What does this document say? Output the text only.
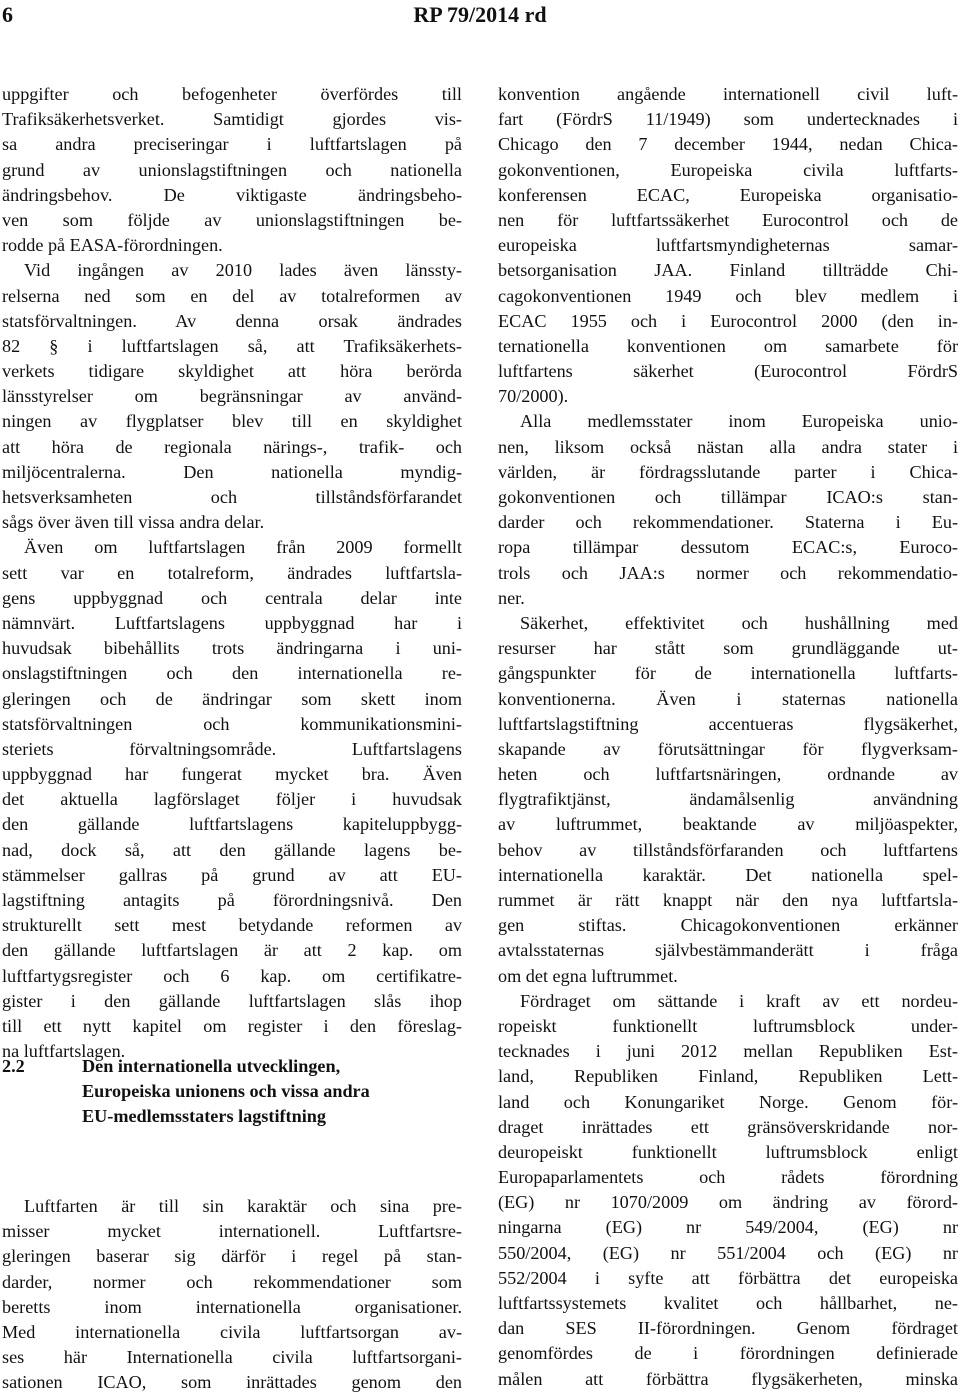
RP 79/2014 rd
6
uppgifter och befogenheter överfördes till
Trafiksäkerhetsverket. Samtidigt gjordes vis-
sa andra preciseringar i luftfartslagen på
grund av unionslagstiftningen och nationella
ändringsbehov. De viktigaste ändringsbeho-
ven som följde av unionslagstiftningen be-
rodde på EASA-förordningen.
Vid ingången av 2010 lades även länssty-
relserna ned som en del av totalreformen av
statsförvaltningen. Av denna orsak ändrades
82 § i luftfartslagen så, att Trafiksäkerhets-
verkets tidigare skyldighet att höra berörda
länsstyrelser om begränsningar av använd-
ningen av flygplatser blev till en skyldighet
att höra de regionala närings-, trafik- och
miljöcentralerna. Den nationella myndig-
hetsverksamheten och tillståndsförfarandet
sågs över även till vissa andra delar.
Även om luftfartslagen från 2009 formellt
sett var en totalreform, ändrades luftfartsla-
gens uppbyggnad och centrala delar inte
nämnvärt. Luftfartslagens uppbyggnad har i
huvudsak bibehållits trots ändringarna i uni-
onslagstiftningen och den internationella re-
gleringen och de ändringar som skett inom
statsförvaltningen och kommunikationsmini-
steriets förvaltningsområde. Luftfartslagens
uppbyggnad har fungerat mycket bra. Även
det aktuella lagförslaget följer i huvudsak
den gällande luftfartslagens kapiteluppbygg-
nad, dock så, att den gällande lagens be-
stämmelser gallras på grund av att EU-
lagstiftning antagits på förordningsnivå. Den
strukturellt sett mest betydande reformen av
den gällande luftfartslagen är att 2 kap. om
luftfartygsregister och 6 kap. om certifikatre-
gister i den gällande luftfartslagen slås ihop
till ett nytt kapitel om register i den föreslag-
na luftfartslagen.
2.2	Den internationella utvecklingen,
Europeiska unionens och vissa andra
EU-medlemsstaters lagstiftning
Luftfarten är till sin karaktär och sina pre-
misser mycket internationell. Luftfartsre-
gleringen baserar sig därför i regel på stan-
darder, normer och rekommendationer som
beretts inom internationella organisationer.
Med internationella civila luftfartsorgan av-
ses här Internationella civila luftfartsorgani-
sationen ICAO, som inrättades genom den
konvention angående internationell civil luft-
fart (FördrS 11/1949) som undertecknades i
Chicago den 7 december 1944, nedan Chica-
gokonventionen, Europeiska civila luftfarts-
konferensen ECAC, Europeiska organisatio-
nen för luftfartssäkerhet Eurocontrol och de
europeiska luftfartsmyndigheternas samar-
betsorganisation JAA. Finland tillträdde Chi-
cagokonventionen 1949 och blev medlem i
ECAC 1955 och i Eurocontrol 2000 (den in-
ternationella konventionen om samarbete för
luftfartens säkerhet (Eurocontrol FördrS
70/2000).
Alla medlemsstater inom Europeiska unio-
nen, liksom också nästan alla andra stater i
världen, är fördragsslutande parter i Chica-
gokonventionen och tillämpar ICAO:s stan-
darder och rekommendationer. Staterna i Eu-
ropa tillämpar dessutom ECAC:s, Euroco-
trols och JAA:s normer och rekommendatio-
ner.
Säkerhet, effektivitet och hushållning med
resurser har stått som grundläggande ut-
gångspunkter för de internationella luftfarts-
konventionerna. Även i staternas nationella
luftfartslagstiftning accentueras flygsäkerhet,
skapande av förutsättningar för flygverksam-
heten och luftfartsnäringen, ordnande av
flygtrafiktjänst, ändamålsenlig användning
av luftrummet, beaktande av miljöaspekter,
behov av tillståndsförfaranden och luftfartens
internationella karaktär. Det nationella spel-
rummet är rätt knappt när den nya luftfartsla-
gen stiftas. Chicagokonventionen erkänner
avtalsstaternas självbestämmanderätt i fråga
om det egna luftrummet.
Fördraget om sättande i kraft av ett nordeu-
ropeiskt funktionellt luftrumsblock under-
tecknades i juni 2012 mellan Republiken Est-
land, Republiken Finland, Republiken Lett-
land och Konungariket Norge. Genom för-
draget inrättades ett gränsöverskridande nor-
deuropeiskt funktionellt luftrumsblock enligt
Europaparlamentets och rådets förordning
(EG) nr 1070/2009 om ändring av förord-
ningarna (EG) nr 549/2004, (EG) nr
550/2004, (EG) nr 551/2004 och (EG) nr
552/2004 i syfte att förbättra det europeiska
luftfartssystemets kvalitet och hållbarhet, ne-
dan SES II-förordningen. Genom fördraget
genomfördes de i förordningen definierade
målen att förbättra flygsäkerheten, minska
